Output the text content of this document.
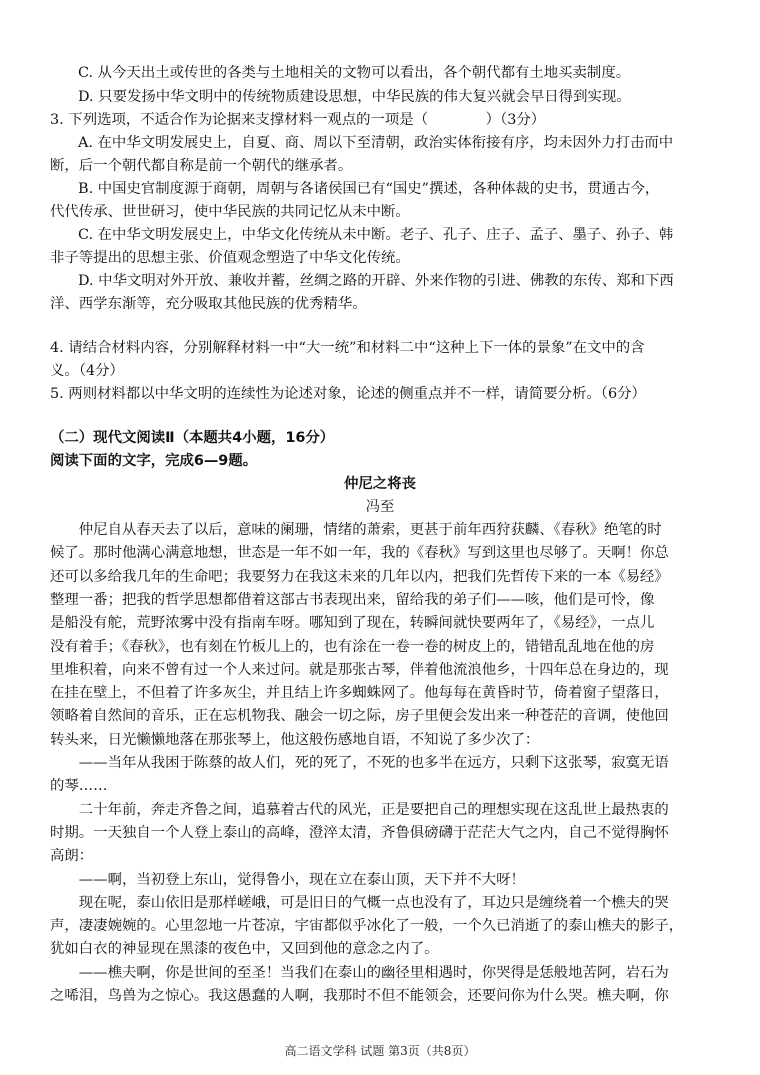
C. 从今天出土或传世的各类与土地相关的文物可以看出，各个朝代都有土地买卖制度。
D. 只要发扬中华文明中的传统物质建设思想，中华民族的伟大复兴就会早日得到实现。
3. 下列选项，不适合作为论据来支撑材料一观点的一项是（　　　　）（3分）
A. 在中华文明发展史上，自夏、商、周以下至清朝，政治实体衔接有序，均未因外力打击而中
断，后一个朝代都自称是前一个朝代的继承者。
B. 中国史官制度源于商朝，周朝与各诸侯国已有“国史”撰述，各种体裁的史书，贯通古今，
代代传承、世世研习，使中华民族的共同记忆从未中断。
C. 在中华文明发展史上，中华文化传统从未中断。老子、孔子、庄子、孟子、墨子、孙子、韩
非子等提出的思想主张、价值观念塑造了中华文化传统。
D. 中华文明对外开放、兼收并蓄，丝绸之路的开辟、外来作物的引进、佛教的东传、郑和下西
洋、西学东渐等，充分吸取其他民族的优秀精华。
4. 请结合材料内容，分别解释材料一中“大一统”和材料二中“这种上下一体的景象”在文中的含
义。（4分）
5. 两则材料都以中华文明的连续性为论述对象，论述的侧重点并不一样，请简要分析。（6分）
（二）现代文阅读Ⅱ（本题共4小题，16分）
阅读下面的文字，完成6—9题。
仲尼之将丧
冯至
　　仲尼自从春天去了以后，意味的阑珊，情绪的萧索，更甚于前年西狩获麟、《春秋》绝笔的时
候了。那时他满心满意地想，世态是一年不如一年，我的《春秋》写到这里也尽够了。天啊！你总
还可以多给我几年的生命吧；我要努力在我这未来的几年以内，把我们先哲传下来的一本《易经》
整理一番；把我的哲学思想都借着这部古书表现出来，留给我的弟子们——咳，他们是可怜，像
是船没有舵，荒野浓雾中没有指南车呀。哪知到了现在，转瞬间就快要两年了，《易经》，一点儿
没有着手；《春秋》，也有刻在竹板儿上的，也有涂在一卷一卷的树皮上的，错错乱乱地在他的房
里堆积着，向来不曾有过一个人来过问。就是那张古琴，伴着他流浪他乡，十四年总在身边的，现
在挂在壁上，不但着了许多灰尘，并且结上许多蜘蛛网了。他每每在黄昏时节，倚着窗子望落日，
领略着自然间的音乐，正在忘机物我、融会一切之际，房子里便会发出来一种苍茫的音调，使他回
转头来，日光懒懒地落在那张琴上，他这般伤感地自语，不知说了多少次了：
　　——当年从我困于陈蔡的故人们，死的死了，不死的也多半在远方，只剩下这张琴，寂寞无语
的琴……
　　二十年前，奔走齐鲁之间，追慕着古代的风光，正是要把自己的理想实现在这乱世上最热衷的
时期。一天独自一个人登上泰山的高峰，澄淬太清，齐鲁俱磅礴于茫茫大气之内，自己不觉得胸怀
高朗：
　　——啊，当初登上东山，觉得鲁小，现在立在泰山顶，天下并不大呀！
　　现在呢，泰山依旧是那样嵯峨，可是旧日的气概一点也没有了，耳边只是缠绕着一个樵夫的哭
声，凄凄婉婉的。心里忽地一片苍凉，宇宙都似乎冰化了一般，一个久已消逝了的泰山樵夫的影子，
犹如白衣的神显现在黑漆的夜色中，又回到他的意念之内了。
　　——樵夫啊，你是世间的至圣！当我们在泰山的幽径里相遇时，你哭得是恁般地苦阿，岩石为
之唏泪，鸟兽为之惊心。我这愚蠢的人啊，我那时不但不能领会，还要问你为什么哭。樵夫啊，你
高二语文学科 试题 第3页（共8页）
